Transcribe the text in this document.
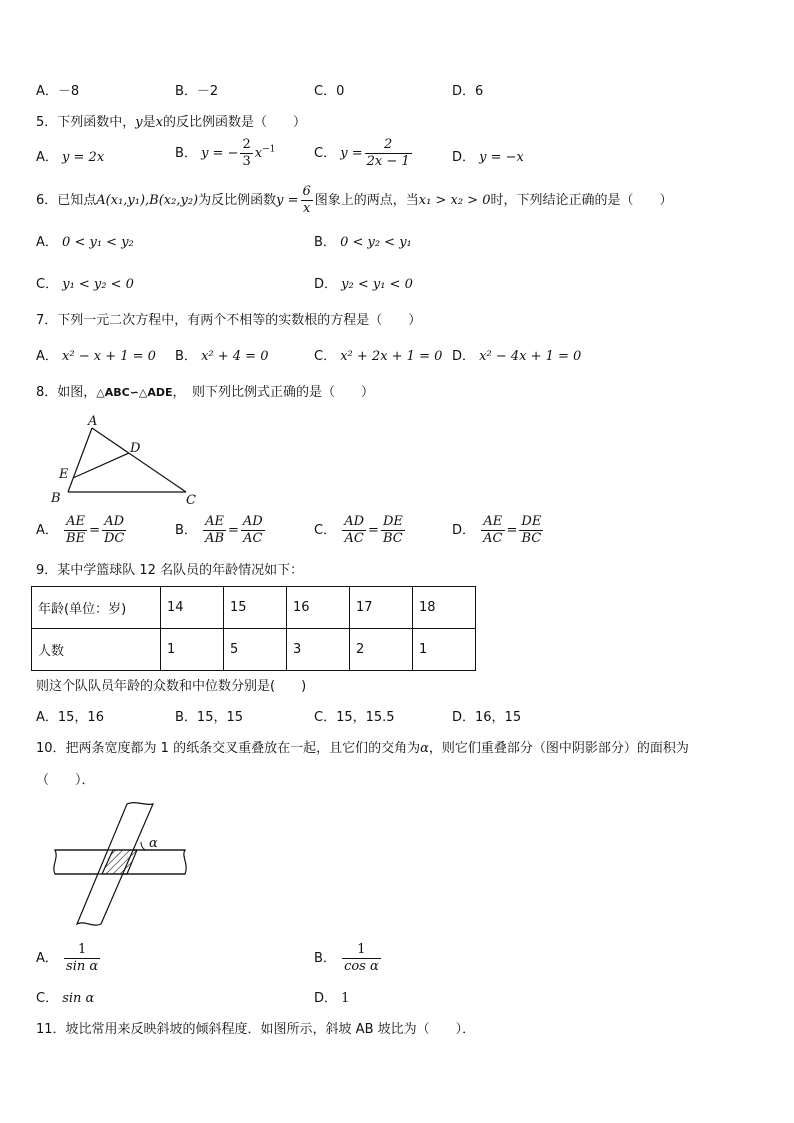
A．－8	B．－2	C．0	D．6
5．下列函数中，y是x的反比例函数是（　　）
A． y = 2x	B． y = − $\frac{2}{3} x^{-1}$	C． $y = \frac{2}{2x - 1}$	D． y = −x
6．已知点A(x₁,y₁),B(x₂,y₂)为反比例函数$y = \frac{6}{x}$ 图象上的两点，当x₁ > x₂ > 0时，下列结论正确的是（　　）
A． 0 < y₁ < y₂	B． 0 < y₂ < y₁
C． y₁ < y₂ < 0	D． y₂ < y₁ < 0
7．下列一元二次方程中，有两个不相等的实数根的方程是（　　）
A． x² − x + 1 = 0 B． x² + 4 = 0	C． x² + 2x + 1 = 0 D． x² − 4x + 1 = 0
8．如图，△ABC∽△ADE，　则下列比例式正确的是（　　）
A
D
E
B	C
A． $\frac{AE}{BE} = \frac{AD}{DC}$	B． $\frac{AE}{AB} = \frac{AD}{AC}$	C． $\frac{AD}{AC} = \frac{DE}{BC}$	D． $\frac{AE}{AC} = \frac{DE}{BC}$
9．某中学篮球队 12 名队员的年龄情况如下：
年龄(单位：岁)	14	15	16	17	18
人数	1	5	3	2	1
则这个队队员年龄的众数和中位数分别是(　　)
A．15，16	B．15，15	C．15，15.5	D．16，15
10．把两条宽度都为 1 的纸条交叉重叠放在一起，且它们的交角为α，则它们重叠部分（图中阴影部分）的面积为
（　　）．
α
A． $\frac{1}{\text{sin α}}$	B． $\frac{1}{\text{cos α}}$
C． sin α	D． 1
11．坡比常用来反映斜坡的倾斜程度．如图所示，斜坡 AB 坡比为（　　）．
